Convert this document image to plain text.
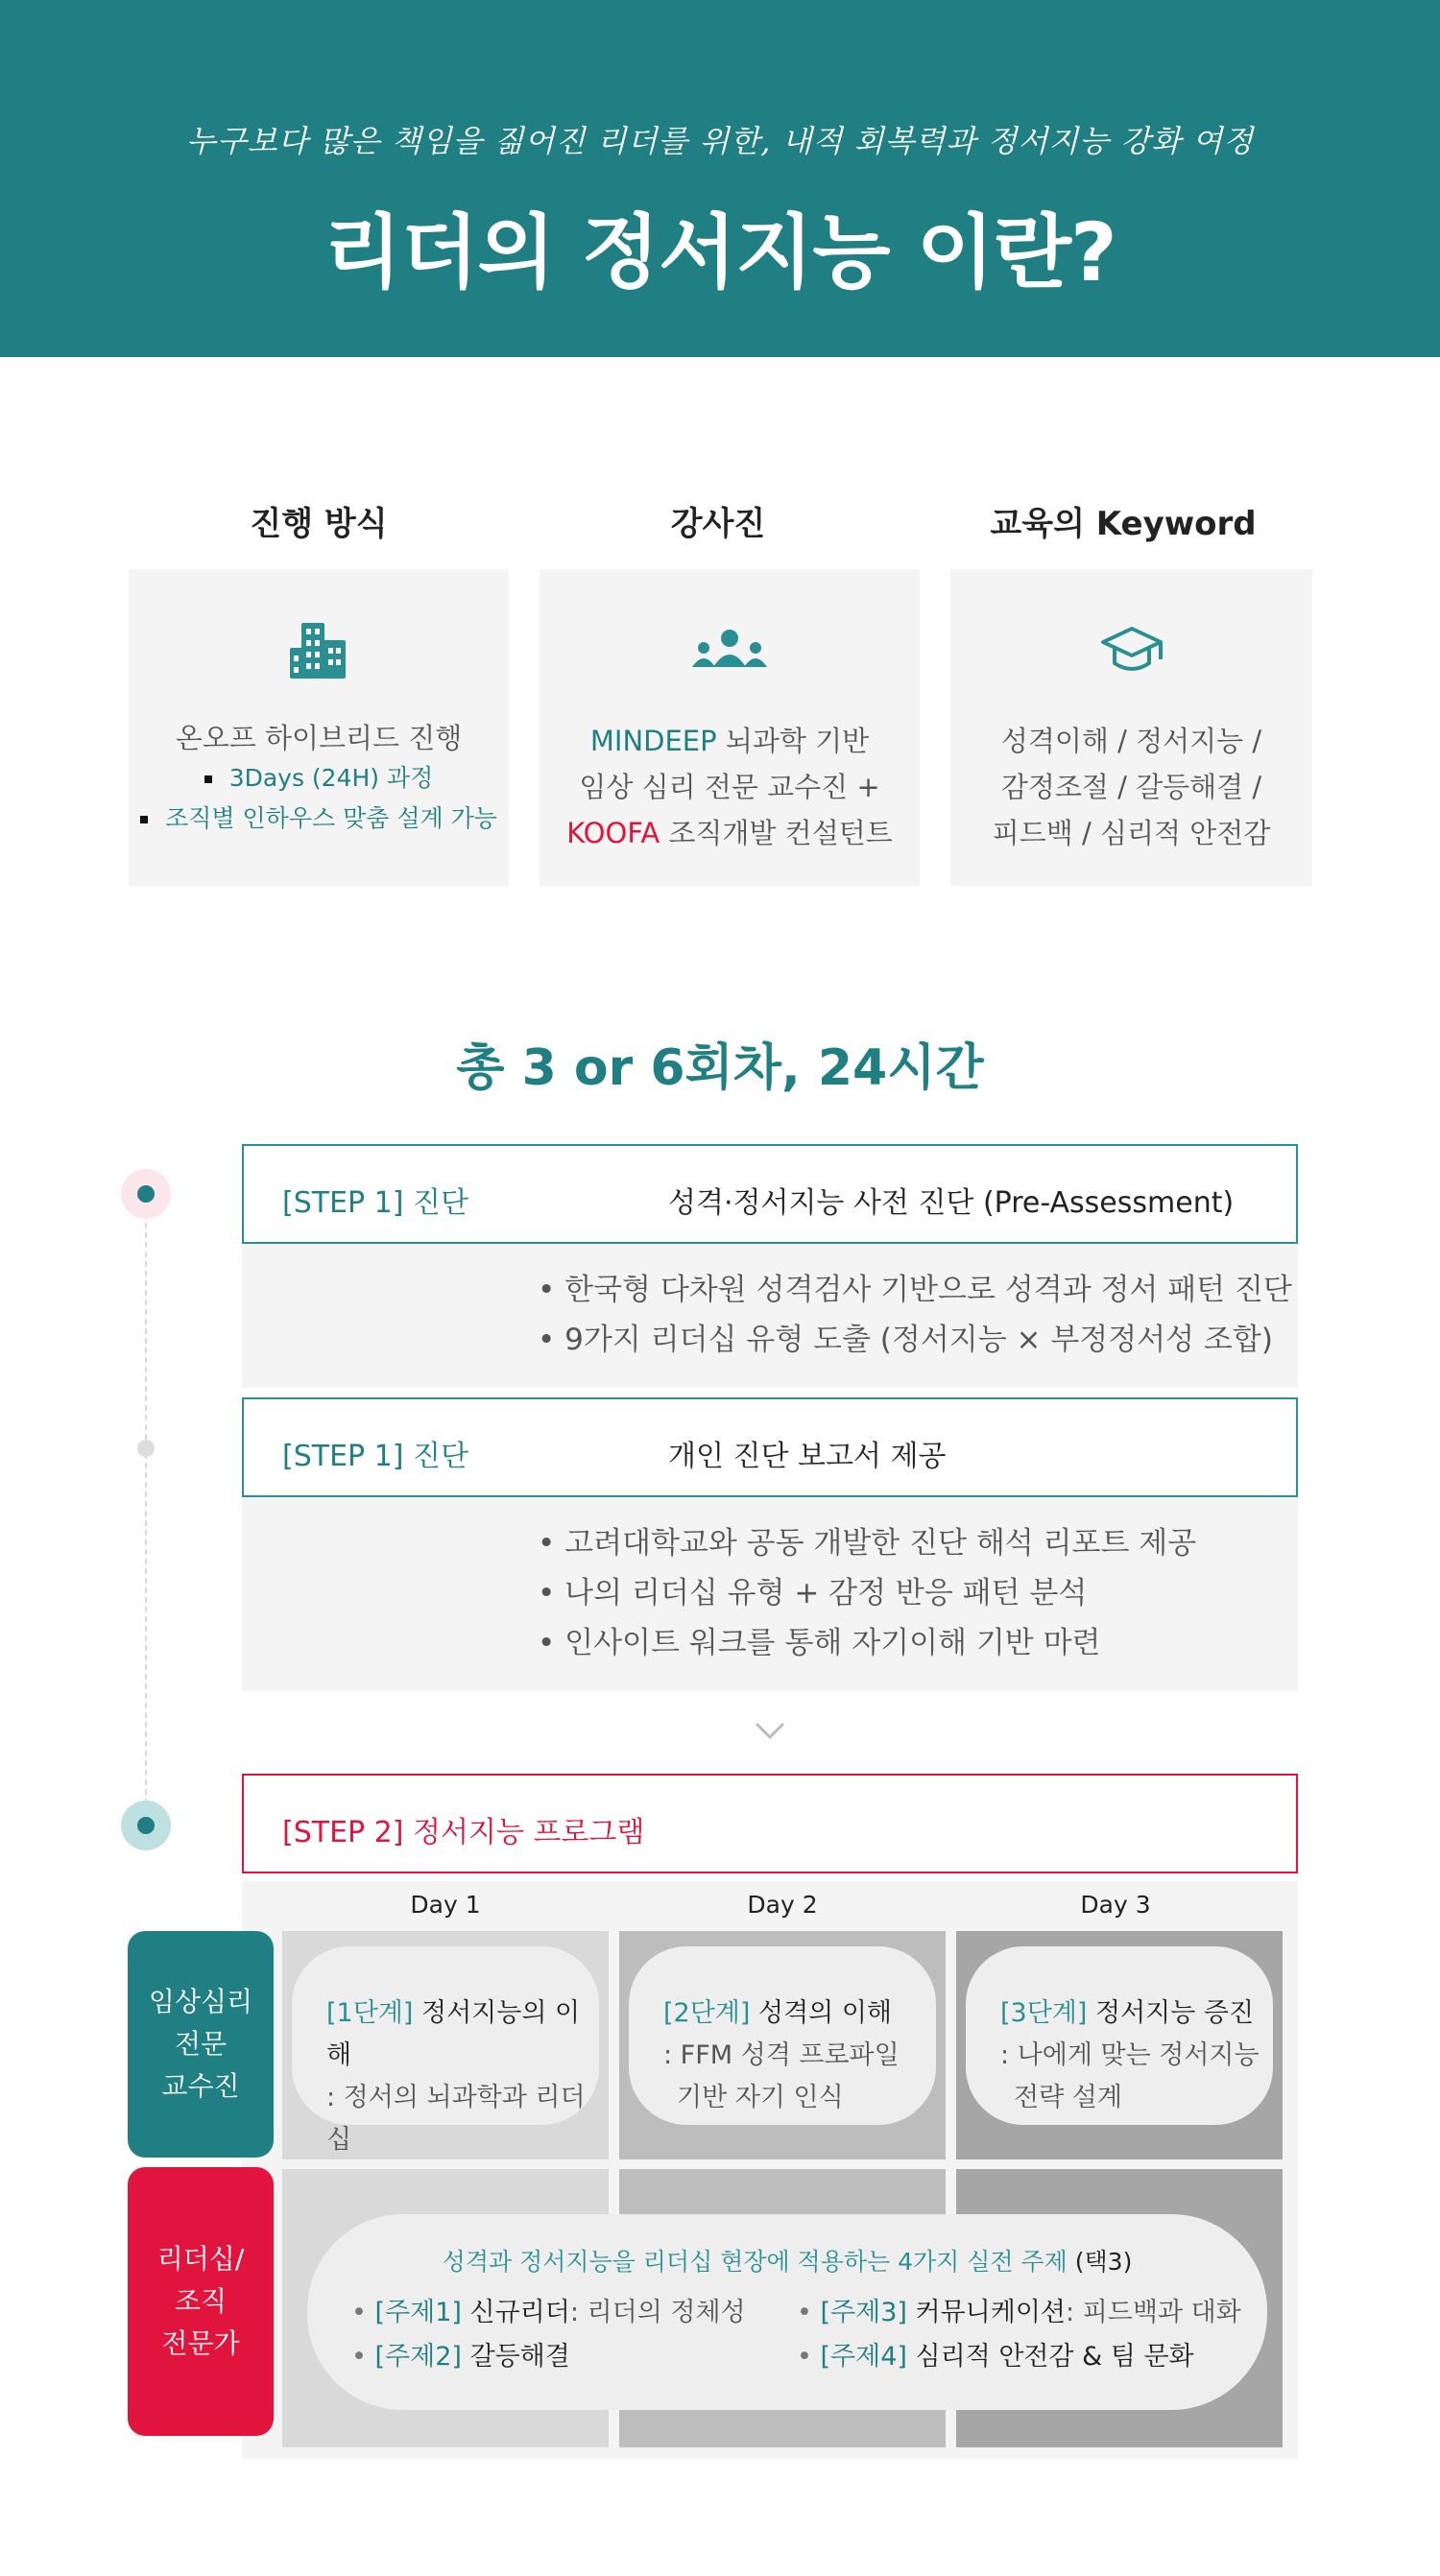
누구보다 많은 책임을 짊어진 리더를 위한, 내적 회복력과 정서지능 강화 여정
리더의 정서지능 이란?
진행 방식	강사진	교육의 Keyword
온오프 하이브리드 진행
3Days (24H) 과정
조직별 인하우스 맞춤 설계 가능
MINDEEP 뇌과학 기반
임상 심리 전문 교수진 +
KOOFA 조직개발 컨설턴트
성격이해 / 정서지능 /
감정조절 / 갈등해결 /
피드백 / 심리적 안전감
총 3 or 6회차, 24시간
[STEP 1] 진단	성격·정서지능 사전 진단 (Pre-Assessment)
• 한국형 다차원 성격검사 기반으로 성격과 정서 패턴 진단
• 9가지 리더십 유형 도출 (정서지능 × 부정정서성 조합)
[STEP 1] 진단	개인 진단 보고서 제공
• 고려대학교와 공동 개발한 진단 해석 리포트 제공
• 나의 리더십 유형 + 감정 반응 패턴 분석
• 인사이트 워크를 통해 자기이해 기반 마련
[STEP 2] 정서지능 프로그램
Day 1	Day 2	Day 3
임상심리
전문
교수진
리더십/
조직
전문가
[1단계] 정서지능의 이해
: 정서의 뇌과학과 리더십
[2단계] 성격의 이해
: FFM 성격 프로파일
기반 자기 인식
[3단계] 정서지능 증진
: 나에게 맞는 정서지능
전략 설계
성격과 정서지능을 리더십 현장에 적용하는 4가지 실전 주제 (택3)
• [주제1] 신규리더: 리더의 정체성
• [주제2] 갈등해결
• [주제3] 커뮤니케이션: 피드백과 대화
• [주제4] 심리적 안전감 & 팀 문화
